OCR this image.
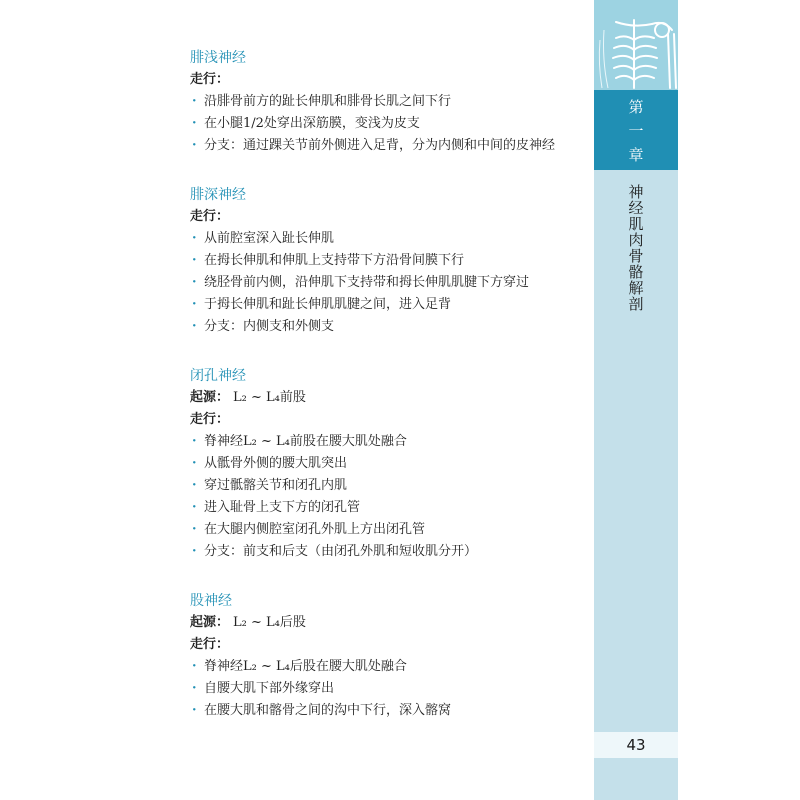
腓浅神经
走行：
· 沿腓骨前方的趾长伸肌和腓骨长肌之间下行
· 在小腿1/2处穿出深筋膜，变浅为皮支
· 分支：通过踝关节前外侧进入足背，分为内侧和中间的皮神经
腓深神经
走行：
· 从前腔室深入趾长伸肌
· 在拇长伸肌和伸肌上支持带下方沿骨间膜下行
· 绕胫骨前内侧，沿伸肌下支持带和拇长伸肌肌腱下方穿过
· 于拇长伸肌和趾长伸肌肌腱之间，进入足背
· 分支：内侧支和外侧支
闭孔神经
起源： L₂ ~ L₄前股
走行：
· 脊神经L₂ ~ L₄前股在腰大肌处融合
· 从骶骨外侧的腰大肌突出
· 穿过骶髂关节和闭孔内肌
· 进入耻骨上支下方的闭孔管
· 在大腿内侧腔室闭孔外肌上方出闭孔管
· 分支：前支和后支（由闭孔外肌和短收肌分开）
股神经
起源： L₂ ~ L₄后股
走行：
· 脊神经L₂ ~ L₄后股在腰大肌处融合
· 自腰大肌下部外缘穿出
· 在腰大肌和髂骨之间的沟中下行，深入髂窝
第
一
章
神经肌肉骨骼解剖
43
